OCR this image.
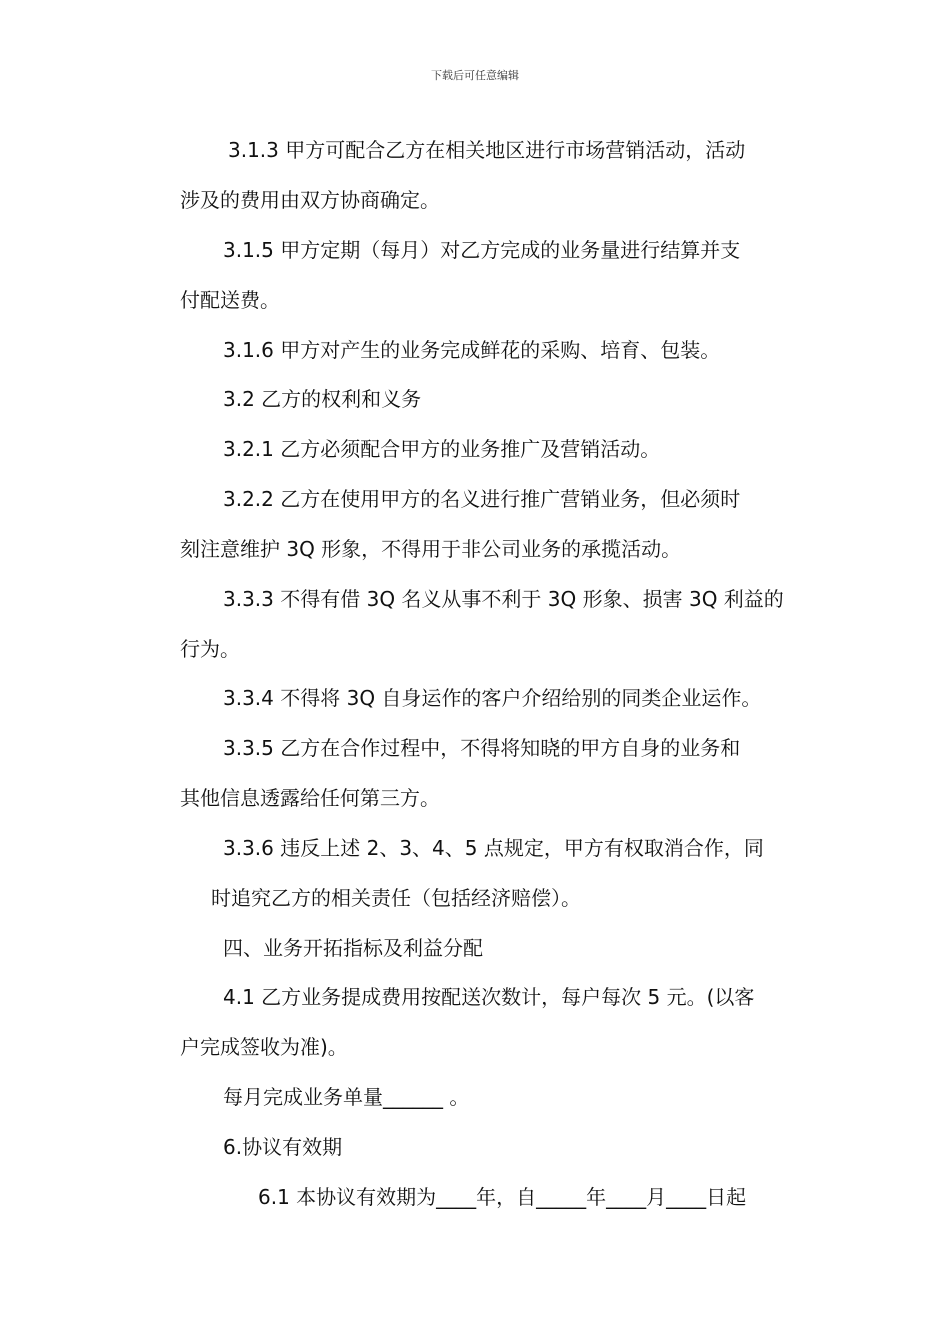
下载后可任意编辑
3.1.3 甲方可配合乙方在相关地区进行市场营销活动，活动
涉及的费用由双方协商确定。
3.1.5 甲方定期（每月）对乙方完成的业务量进行结算并支
付配送费。
3.1.6 甲方对产生的业务完成鲜花的采购、培育、包装。
3.2 乙方的权利和义务
3.2.1 乙方必须配合甲方的业务推广及营销活动。
3.2.2 乙方在使用甲方的名义进行推广营销业务，但必须时
刻注意维护 3Q 形象，不得用于非公司业务的承揽活动。
3.3.3 不得有借 3Q 名义从事不利于 3Q 形象、损害 3Q 利益的
行为。
3.3.4 不得将 3Q 自身运作的客户介绍给别的同类企业运作。
3.3.5 乙方在合作过程中，不得将知晓的甲方自身的业务和
其他信息透露给任何第三方。
3.3.6 违反上述 2、3、4、5 点规定，甲方有权取消合作，同
时追究乙方的相关责任（包括经济赔偿）。
四、业务开拓指标及利益分配
4.1 乙方业务提成费用按配送次数计，每户每次 5 元。(以客
户完成签收为准)。
每月完成业务单量______ 。
6.协议有效期
6.1 本协议有效期为____年，自_____年____月____日起
